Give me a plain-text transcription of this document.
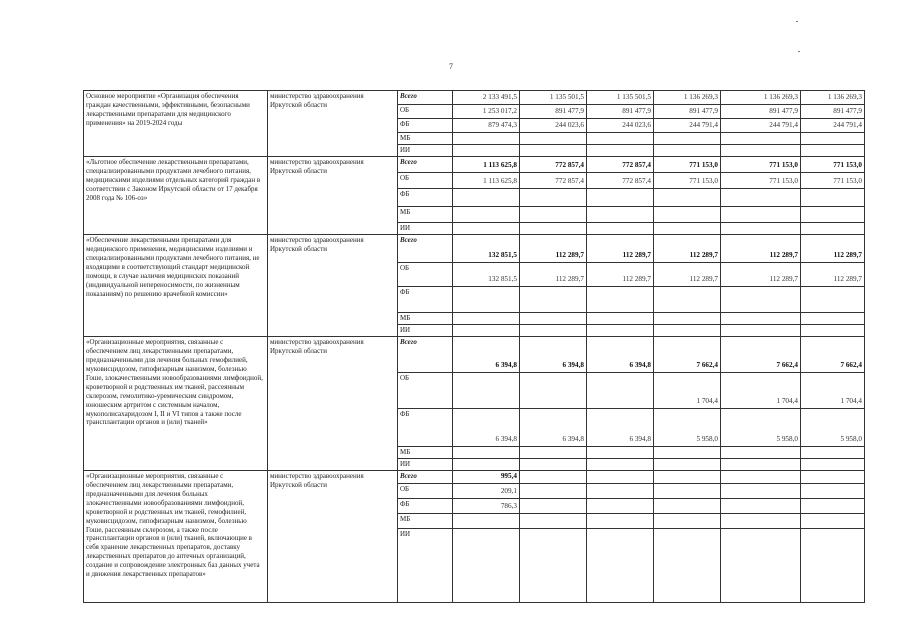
7
Основное мероприятие «Организация обеспечения граждан качественными, эффективными, безопасными лекарственными препаратами для медицинского применения» на 2019-2024 годы	министерство здравоохранения Иркутской области	Всего	2 133 491,5	1 135 501,5	1 135 501,5	1 136 269,3	1 136 269,3	1 136 269,3
		ОБ	1 253 017,2	891 477,9	891 477,9	891 477,9	891 477,9	891 477,9
		ФБ	879 474,3	244 023,6	244 023,6	244 791,4	244 791,4	244 791,4
		МБ						
		ИИ						
«Льготное обеспечение лекарственными препаратами, специализированными продуктами лечебного питания, медицинскими изделиями отдельных категорий граждан в соответствии с Законом Иркутской области от 17 декабря 2008 года № 106-оз»	министерство здравоохранения Иркутской области	Всего	1 113 625,8	772 857,4	772 857,4	771 153,0	771 153,0	771 153,0
		ОБ	1 113 625,8	772 857,4	772 857,4	771 153,0	771 153,0	771 153,0
		ФБ						
		МБ						
		ИИ						
«Обеспечение лекарственными препаратами для медицинского применения, медицинскими изделиями и специализированными продуктами лечебного питания, не входящими в соответствующий стандарт медицинской помощи, в случае наличия медицинских показаний (индивидуальной непереносимости, по жизненным показаниям) по решению врачебной комиссии»	министерство здравоохранения Иркутской области	Всего	132 851,5	112 289,7	112 289,7	112 289,7	112 289,7	112 289,7
		ОБ	132 851,5	112 289,7	112 289,7	112 289,7	112 289,7	112 289,7
		ФБ						
		МБ						
		ИИ						
«Организационные мероприятия, связанные с обеспечением лиц лекарственными препаратами, предназначенными для лечения больных гемофилией, муковисцидозом, гипофизарным нанизмом, болезнью Гоше, злокачественными новообразованиями лимфоидной, кроветворной и родственных им тканей, рассеянным склерозом, гемолитико-уремическим синдромом, юношеским артритом с системным началом, мукополисахаридозом I, II и VI типов а также после трансплантации органов и (или) тканей»	министерство здравоохранения Иркутской области	Всего	6 394,8	6 394,8	6 394,8	7 662,4	7 662,4	7 662,4
		ОБ				1 704,4	1 704,4	1 704,4
		ФБ	6 394,8	6 394,8	6 394,8	5 958,0	5 958,0	5 958,0
		МБ						
		ИИ						
«Организационные мероприятия, связанные с обеспечением лиц лекарственными препаратами, предназначенными для лечения больных злокачественными новообразованиями лимфоидной, кроветворной и родственных им тканей, гемофилией, муковисцидозом, гипофизарным нанизмом, болезнью Гоше, рассеянным склерозом, а также после трансплантации органов и (или) тканей, включающие в себя хранение лекарственных препаратов, доставку лекарственных препаратов до аптечных организаций, создание и сопровождение электронных баз данных учета и движения лекарственных препаратов»	министерство здравоохранения Иркутской области	Всего	995,4					
		ОБ	209,1					
		ФБ	786,3					
		МБ						
		ИИ						
